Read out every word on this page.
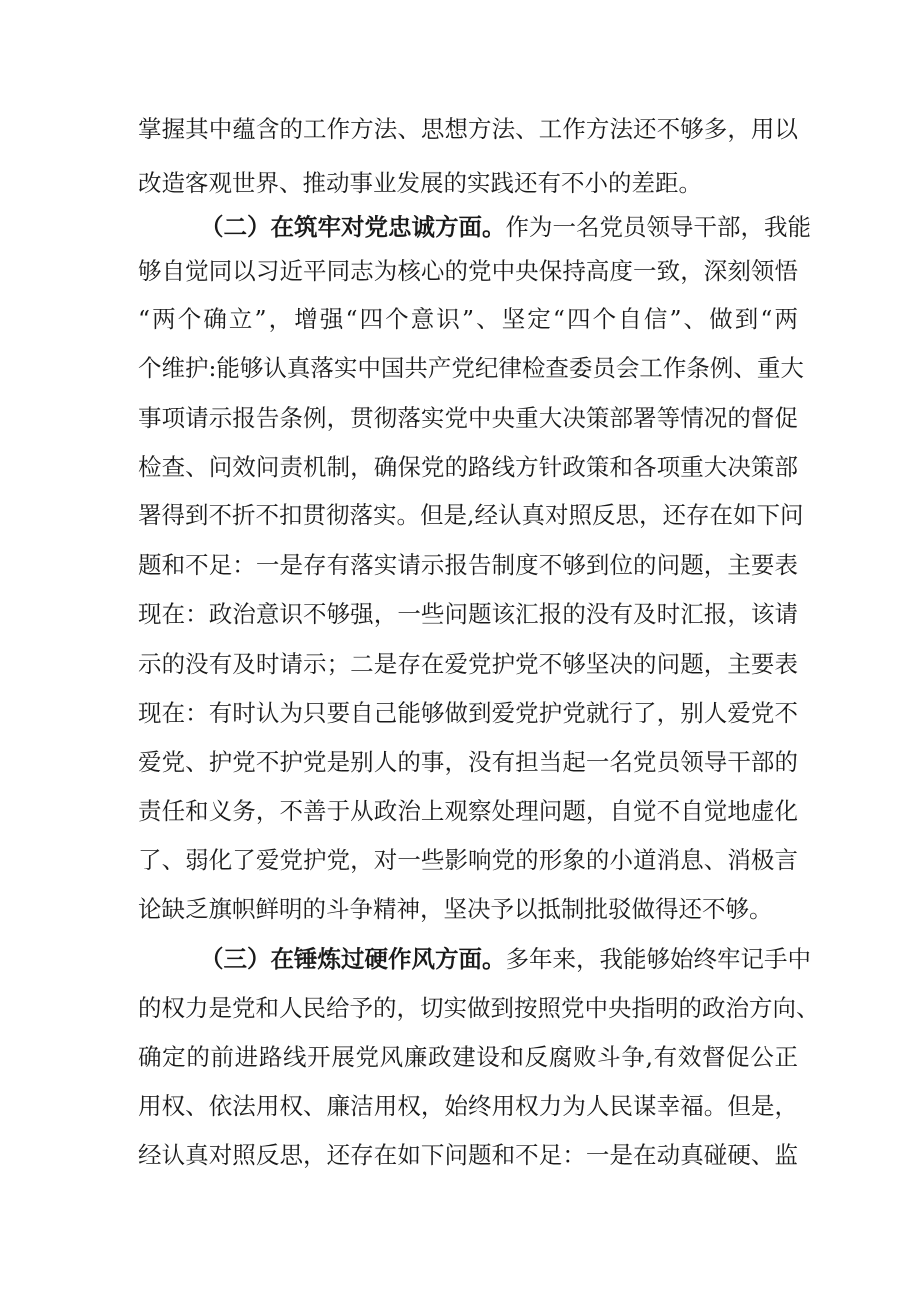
掌握其中蕴含的工作方法、思想方法、工作方法还不够多，用以
改造客观世界、推动事业发展的实践还有不小的差距。
（二）在筑牢对党忠诚方面。作为一名党员领导干部，我能
够自觉同以习近平同志为核心的党中央保持高度一致，深刻领悟
“两个确立”，增强“四个意识”、坚定“四个自信”、做到“两
个维护:能够认真落实中国共产党纪律检查委员会工作条例、重大
事项请示报告条例，贯彻落实党中央重大决策部署等情况的督促
检查、问效问责机制，确保党的路线方针政策和各项重大决策部
署得到不折不扣贯彻落实。但是,经认真对照反思，还存在如下问
题和不足：一是存有落实请示报告制度不够到位的问题，主要表
现在：政治意识不够强，一些问题该汇报的没有及时汇报，该请
示的没有及时请示；二是存在爱党护党不够坚决的问题，主要表
现在：有时认为只要自己能够做到爱党护党就行了，别人爱党不
爱党、护党不护党是别人的事，没有担当起一名党员领导干部的
责任和义务，不善于从政治上观察处理问题，自觉不自觉地虚化
了、弱化了爱党护党，对一些影响党的形象的小道消息、消极言
论缺乏旗帜鲜明的斗争精神，坚决予以抵制批驳做得还不够。
（三）在锤炼过硬作风方面。多年来，我能够始终牢记手中
的权力是党和人民给予的，切实做到按照党中央指明的政治方向、
确定的前进路线开展党风廉政建设和反腐败斗争,有效督促公正
用权、依法用权、廉洁用权，始终用权力为人民谋幸福。但是，
经认真对照反思，还存在如下问题和不足：一是在动真碰硬、监
